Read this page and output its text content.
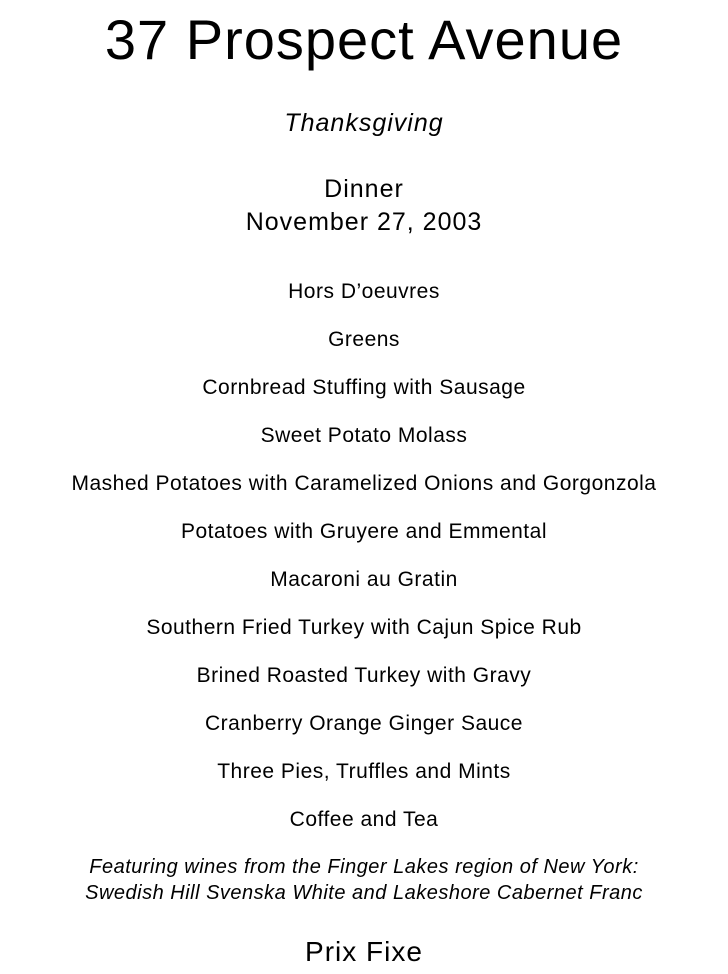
37 Prospect Avenue
Thanksgiving
Dinner
November 27, 2003
Hors D’oeuvres
Greens
Cornbread Stuffing with Sausage
Sweet Potato Molass
Mashed Potatoes with Caramelized Onions and Gorgonzola
Potatoes with Gruyere and Emmental
Macaroni au Gratin
Southern Fried Turkey with Cajun Spice Rub
Brined Roasted Turkey with Gravy
Cranberry Orange Ginger Sauce
Three Pies, Truffles and Mints
Coffee and Tea
Featuring wines from the Finger Lakes region of New York:
Swedish Hill Svenska White and Lakeshore Cabernet Franc
Prix Fixe
